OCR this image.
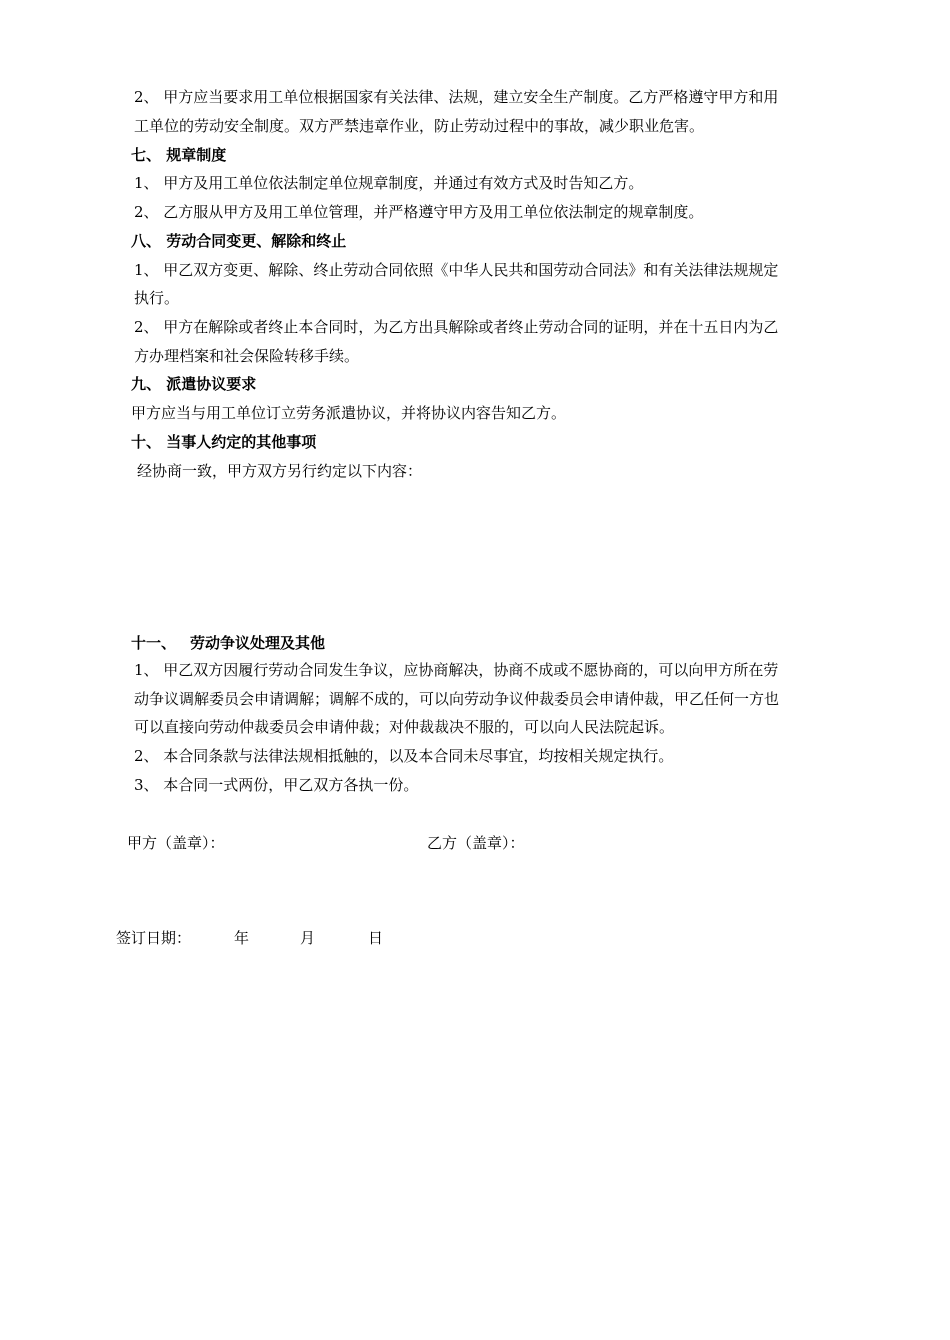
2、 甲方应当要求用工单位根据国家有关法律、法规，建立安全生产制度。乙方严格遵守甲方和用
工单位的劳动安全制度。双方严禁违章作业，防止劳动过程中的事故，减少职业危害。
七、 规章制度
1、 甲方及用工单位依法制定单位规章制度，并通过有效方式及时告知乙方。
2、 乙方服从甲方及用工单位管理，并严格遵守甲方及用工单位依法制定的规章制度。
八、 劳动合同变更、解除和终止
1、 甲乙双方变更、解除、终止劳动合同依照《中华人民共和国劳动合同法》和有关法律法规规定
执行。
2、 甲方在解除或者终止本合同时，为乙方出具解除或者终止劳动合同的证明，并在十五日内为乙
方办理档案和社会保险转移手续。
九、 派遣协议要求
甲方应当与用工单位订立劳务派遣协议，并将协议内容告知乙方。
十、 当事人约定的其他事项
经协商一致，甲方双方另行约定以下内容：
十一、 劳动争议处理及其他
1、 甲乙双方因履行劳动合同发生争议，应协商解决，协商不成或不愿协商的，可以向甲方所在劳
动争议调解委员会申请调解；调解不成的，可以向劳动争议仲裁委员会申请仲裁，甲乙任何一方也
可以直接向劳动仲裁委员会申请仲裁；对仲裁裁决不服的，可以向人民法院起诉。
2、 本合同条款与法律法规相抵触的，以及本合同未尽事宜，均按相关规定执行。
3、 本合同一式两份，甲乙双方各执一份。
甲方（盖章）：	乙方（盖章）：
签订日期：	年	月	日
